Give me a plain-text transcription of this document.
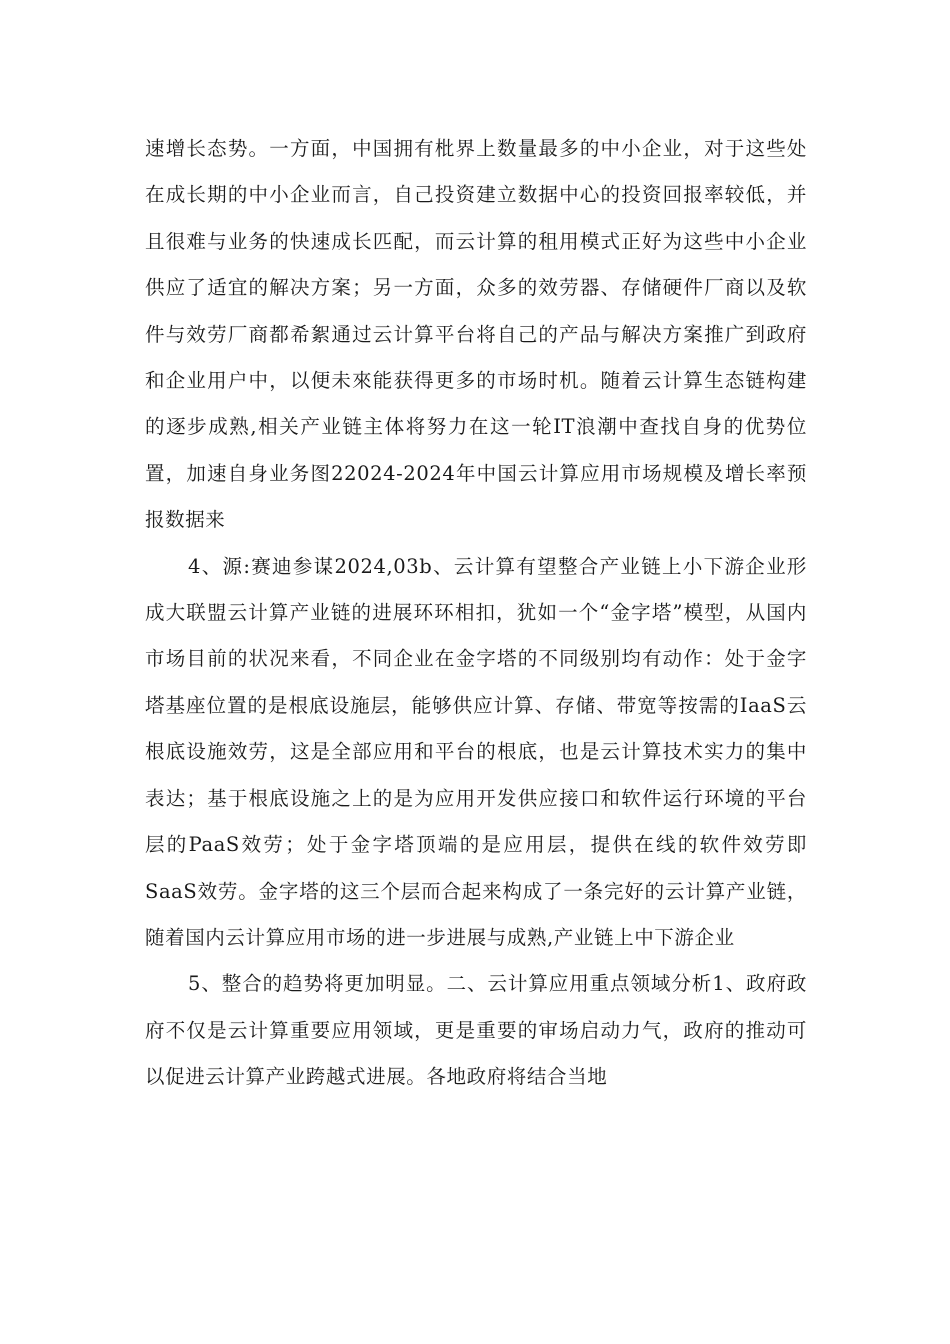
速增长态势。一方面，中国拥有枇界上数量最多的中小企业，对于这些处在成长期的中小企业而言，自己投资建立数据中心的投资回报率较低，并且很难与业务的快速成长匹配，而云计算的租用模式正好为这些中小企业供应了适宜的解决方案；另一方面，众多的效劳器、存储硬件厂商以及软件与效劳厂商都希絮通过云计算平台将自己的产品与解决方案推广到政府和企业用户中，以便未來能获得更多的市场时机。随着云计算生态链构建的逐步成熟,相关产业链主体将努力在这一轮IT浪潮中查找自身的优势位置，加速自身业务图22024-2024年中国云计算应用市场规模及增长率预报数据来

4、源:赛迪参谋2024,03b、云计算有望整合产业链上小下游企业形成大联盟云计算产业链的进展环环相扣，犹如一个“金字塔”模型，从国内市场目前的状况来看，不同企业在金字塔的不同级别均有动作：处于金字塔基座位置的是根底设施层，能够供应计算、存储、带宽等按需的IaaS云根底设施效劳，这是全部应用和平台的根底，也是云计算技术实力的集中表达；基于根底设施之上的是为应用开发供应接口和软件运行环境的平台层的PaaS效劳；处于金字塔顶端的是应用层，提供在线的软件效劳即SaaS效劳。金字塔的这三个层而合起来构成了一条完好的云计算产业链，随着国内云计算应用市场的进一步进展与成熟,产业链上中下游企业

5、整合的趋势将更加明显。二、云计算应用重点领域分析1、政府政府不仅是云计算重要应用领域，更是重要的审场启动力气，政府的推动可以促进云计算产业跨越式进展。各地政府将结合当地
